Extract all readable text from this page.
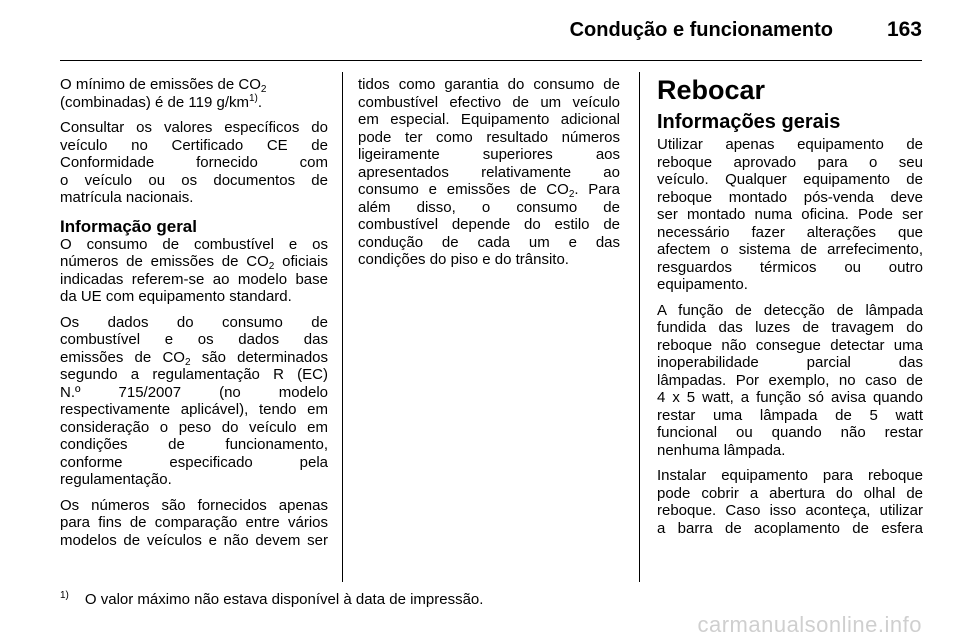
Condução e funcionamento	163

O mínimo de emissões de $CO_2$
(combinadas) é de 119 $g/km^{1)}$.

Consultar os valores específicos do
veículo no Certificado CE de
Conformidade fornecido com
o veículo ou os documentos de
matrícula nacionais.

Informação geral

O consumo de combustível e os
números de emissões de $CO_2$ oficiais
indicadas referem-se ao modelo base
da UE com equipamento standard.

Os dados do consumo de
combustível e os dados das
emissões de $CO_2$ são determinados
segundo a regulamentação R (EC)
N.º 715/2007 (no modelo
respectivamente aplicável), tendo em
consideração o peso do veículo em
condições de funcionamento,
conforme especificado pela
regulamentação.

Os números são fornecidos apenas
para fins de comparação entre vários
modelos de veículos e não devem ser

tidos como garantia do consumo de
combustível efectivo de um veículo
em especial. Equipamento adicional
pode ter como resultado números
ligeiramente superiores aos
apresentados relativamente ao
consumo e emissões de $CO_2$. Para
além disso, o consumo de
combustível depende do estilo de
condução de cada um e das
condições do piso e do trânsito.

Rebocar
Informações gerais

Utilizar apenas equipamento de
reboque aprovado para o seu
veículo. Qualquer equipamento de
reboque montado pós-venda deve
ser montado numa oficina. Pode ser
necessário fazer alterações que
afectem o sistema de arrefecimento,
resguardos térmicos ou outro
equipamento.

A função de detecção de lâmpada
fundida das luzes de travagem do
reboque não consegue detectar uma
inoperabilidade parcial das
lâmpadas. Por exemplo, no caso de
4 x 5 watt, a função só avisa quando
restar uma lâmpada de 5 watt
funcional ou quando não restar
nenhuma lâmpada.

Instalar equipamento para reboque
pode cobrir a abertura do olhal de
reboque. Caso isso aconteça, utilizar
a barra de acoplamento de esfera

$^{1)}$ O valor máximo não estava disponível à data de impressão.
carmanualsonline.info
